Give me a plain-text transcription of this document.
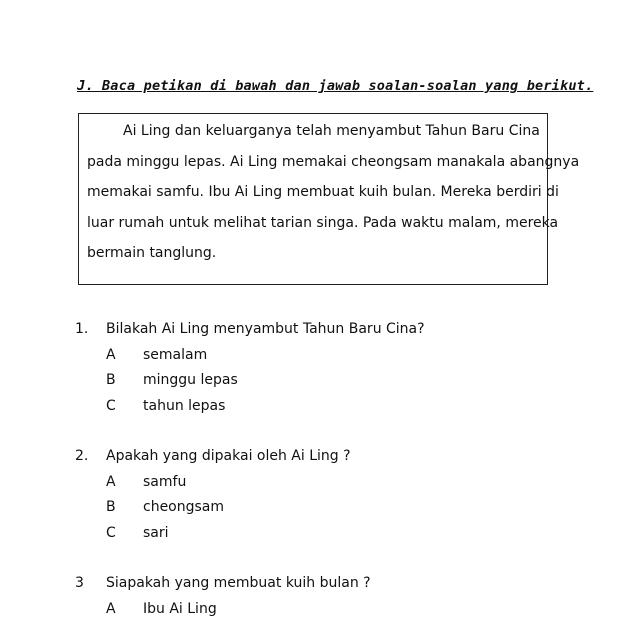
J. Baca petikan di bawah dan jawab soalan-soalan yang berikut.
Ai Ling dan keluarganya telah menyambut Tahun Baru Cina
pada minggu lepas. Ai Ling memakai cheongsam manakala abangnya
memakai samfu. Ibu Ai Ling membuat kuih bulan. Mereka berdiri di
luar rumah untuk melihat tarian singa. Pada waktu malam, mereka
bermain tanglung.
1. Bilakah Ai Ling menyambut Tahun Baru Cina?
A semalam
B minggu lepas
C tahun lepas
2. Apakah yang dipakai oleh Ai Ling ?
A samfu
B cheongsam
C sari
3 Siapakah yang membuat kuih bulan ?
A Ibu Ai Ling
